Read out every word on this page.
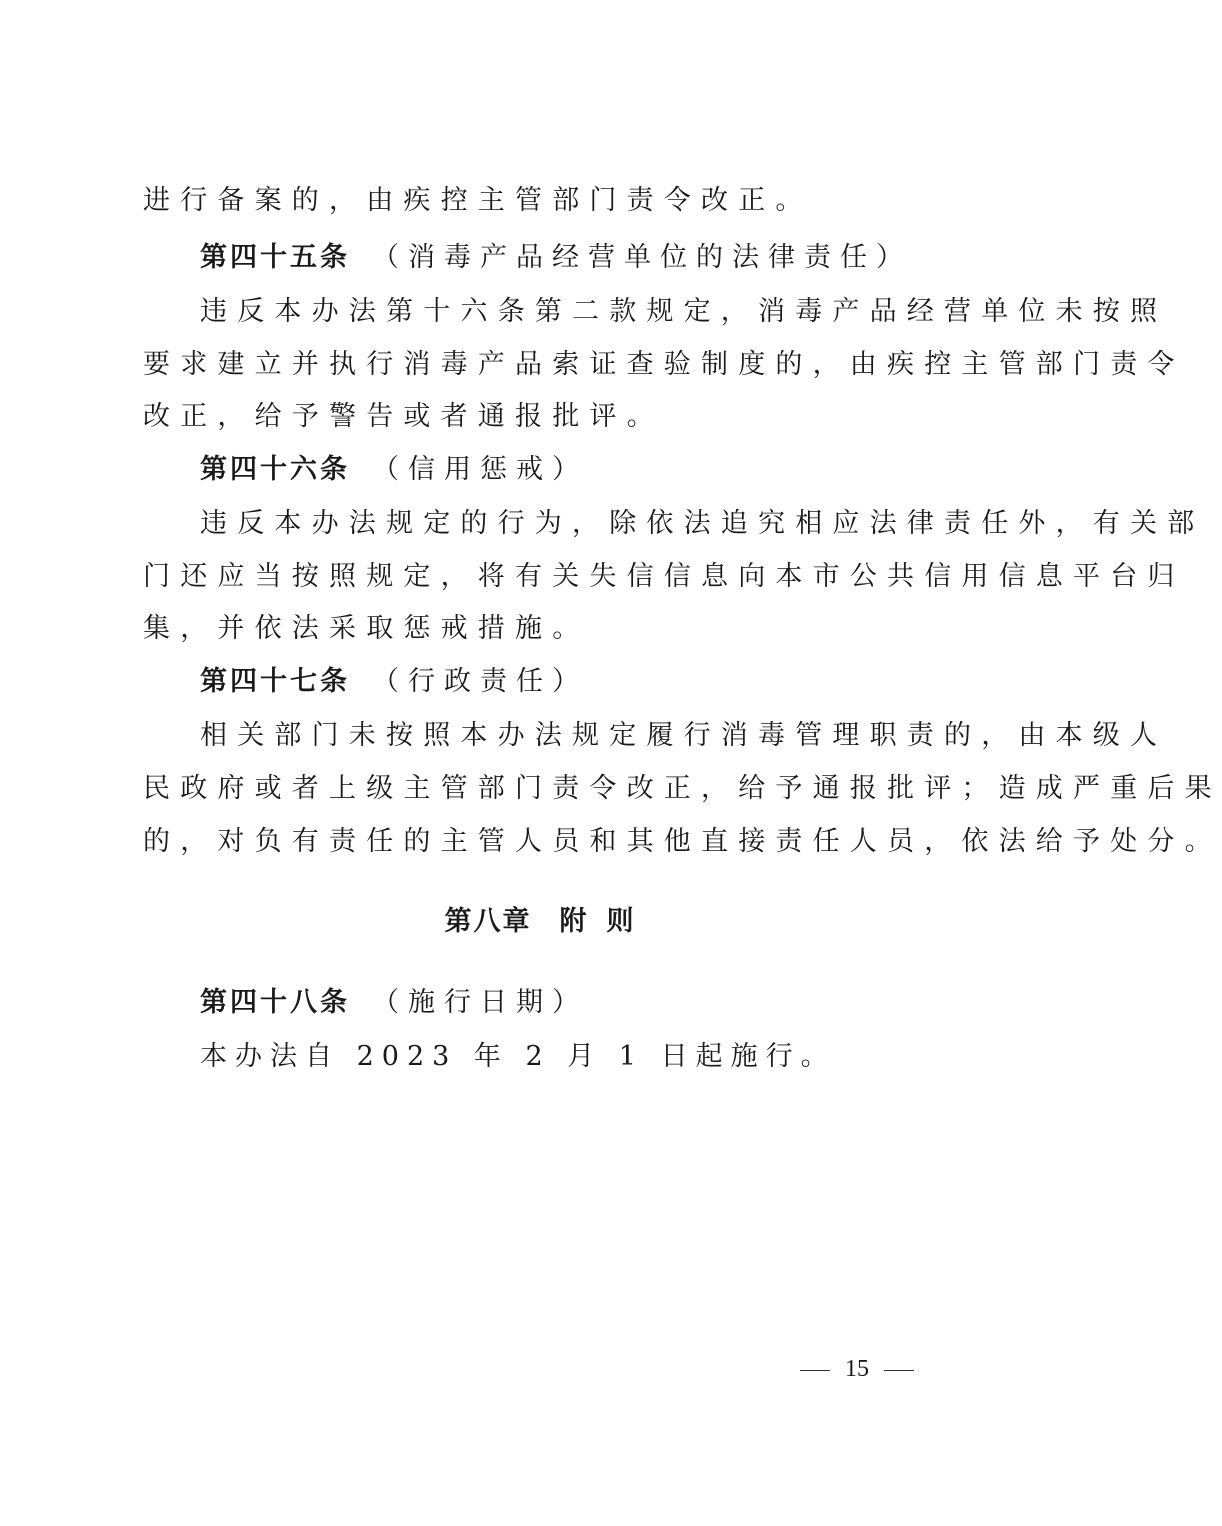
进行备案的，由疾控主管部门责令改正。
第四十五条 （消毒产品经营单位的法律责任）
违反本办法第十六条第二款规定，消毒产品经营单位未按照
要求建立并执行消毒产品索证查验制度的，由疾控主管部门责令
改正，给予警告或者通报批评。
第四十六条 （信用惩戒）
违反本办法规定的行为，除依法追究相应法律责任外，有关部
门还应当按照规定，将有关失信信息向本市公共信用信息平台归
集，并依法采取惩戒措施。
第四十七条 （行政责任）
相关部门未按照本办法规定履行消毒管理职责的，由本级人
民政府或者上级主管部门责令改正，给予通报批评；造成严重后果
的，对负有责任的主管人员和其他直接责任人员，依法给予处分。
第八章 附 则
第四十八条 （施行日期）
本办法自 2023 年 2 月 1 日起施行。
15
